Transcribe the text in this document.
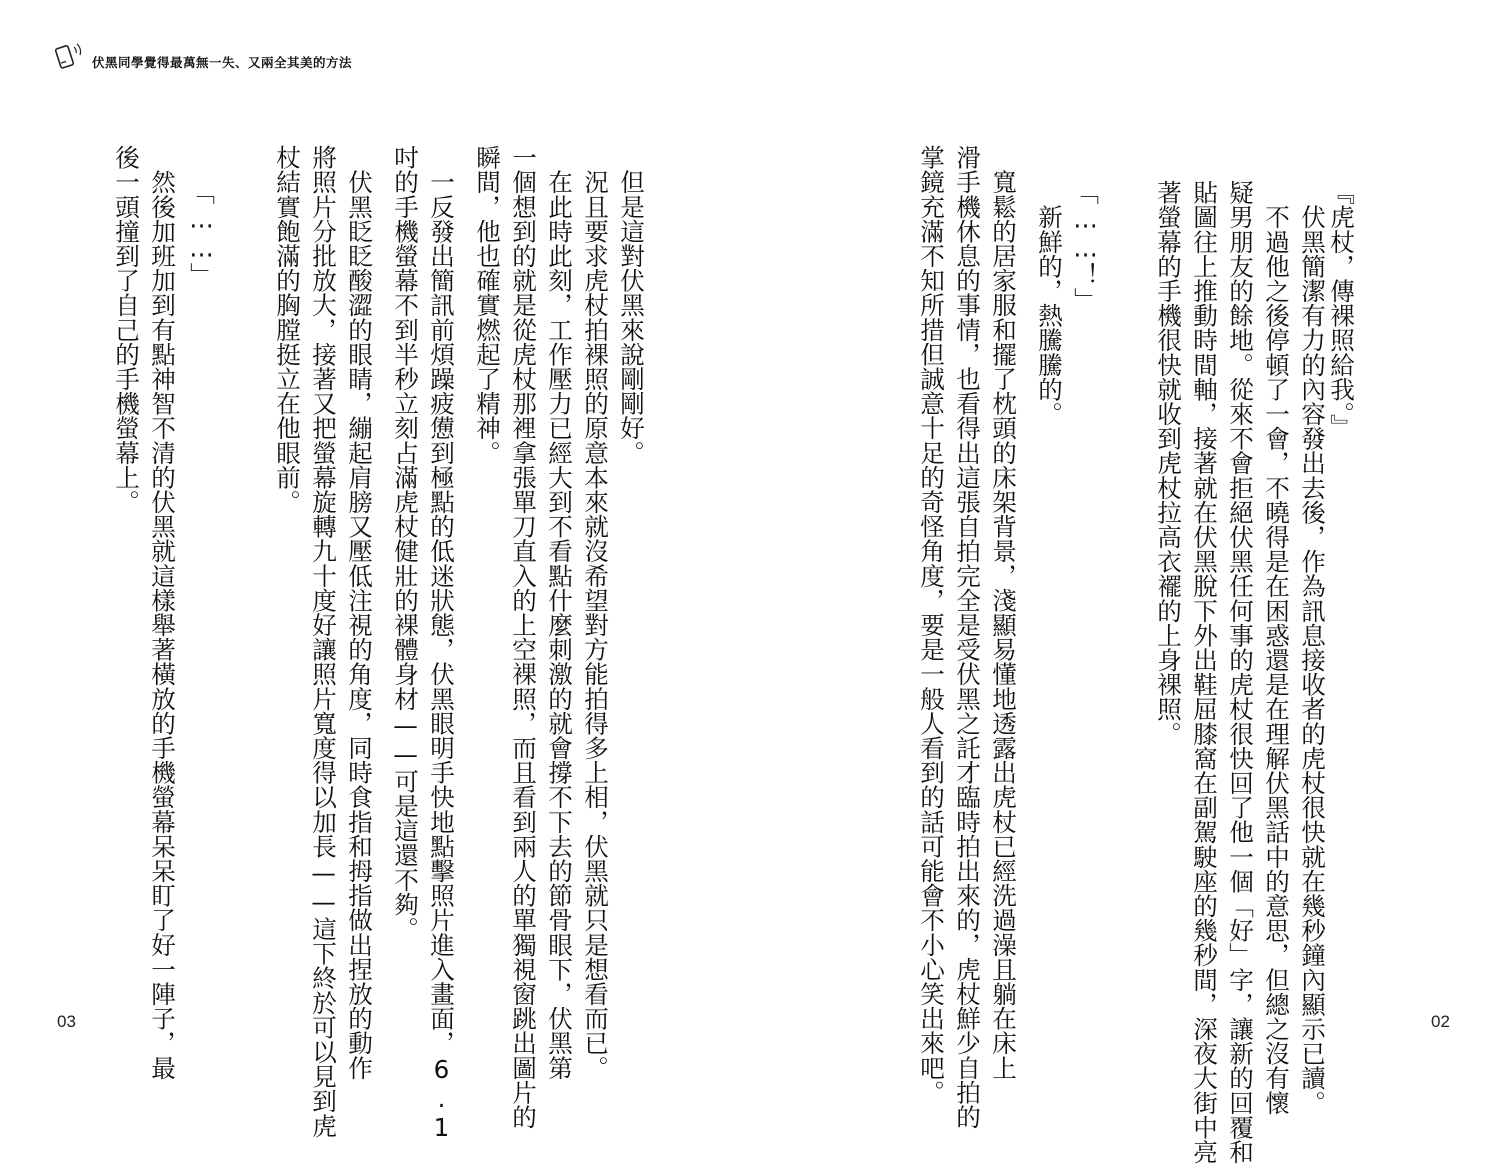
伏黑同學覺得最萬無一失、又兩全其美的方法
『虎杖，傳裸照給我。』
　伏黑簡潔有力的內容發出去後，作為訊息接收者的虎杖很快就在幾秒鐘內顯示已讀。
　不過他之後停頓了一會，不曉得是在困惑還是在理解伏黑話中的意思，但總之沒有懷
疑男朋友的餘地。從來不會拒絕伏黑任何事的虎杖很快回了他一個「好」字，讓新的回覆和
貼圖往上推動時間軸，接著就在伏黑脫下外出鞋屈膝窩在副駕駛座的幾秒間，深夜大街中亮
著螢幕的手機很快就收到虎杖拉高衣襬的上身裸照。
「……！」
　新鮮的，熱騰騰的。
　寬鬆的居家服和擺了枕頭的床架背景，淺顯易懂地透露出虎杖已經洗過澡且躺在床上
滑手機休息的事情，也看得出這張自拍完全是受伏黑之託才臨時拍出來的，虎杖鮮少自拍的
掌鏡充滿不知所措但誠意十足的奇怪角度，要是一般人看到的話可能會不小心笑出來吧。
　但是這對伏黑來說剛剛好。
　況且要求虎杖拍裸照的原意本來就沒希望對方能拍得多上相，伏黑就只是想看而已。
　在此時此刻，工作壓力已經大到不看點什麼刺激的就會撐不下去的節骨眼下，伏黑第
一個想到的就是從虎杖那裡拿張單刀直入的上空裸照，而且看到兩人的單獨視窗跳出圖片的
瞬間，他也確實燃起了精神。
　一反發出簡訊前煩躁疲憊到極點的低迷狀態，伏黑眼明手快地點擊照片進入畫面，6.1
吋的手機螢幕不到半秒立刻占滿虎杖健壯的裸體身材——可是這還不夠。
　伏黑眨眨酸澀的眼睛，繃起肩膀又壓低注視的角度，同時食指和拇指做出捏放的動作
將照片分批放大，接著又把螢幕旋轉九十度好讓照片寬度得以加長——這下終於可以見到虎
杖結實飽滿的胸膛挺立在他眼前。
「……」
　然後加班加到有點神智不清的伏黑就這樣舉著橫放的手機螢幕呆呆盯了好一陣子，最
後一頭撞到了自己的手機螢幕上。
03	02
